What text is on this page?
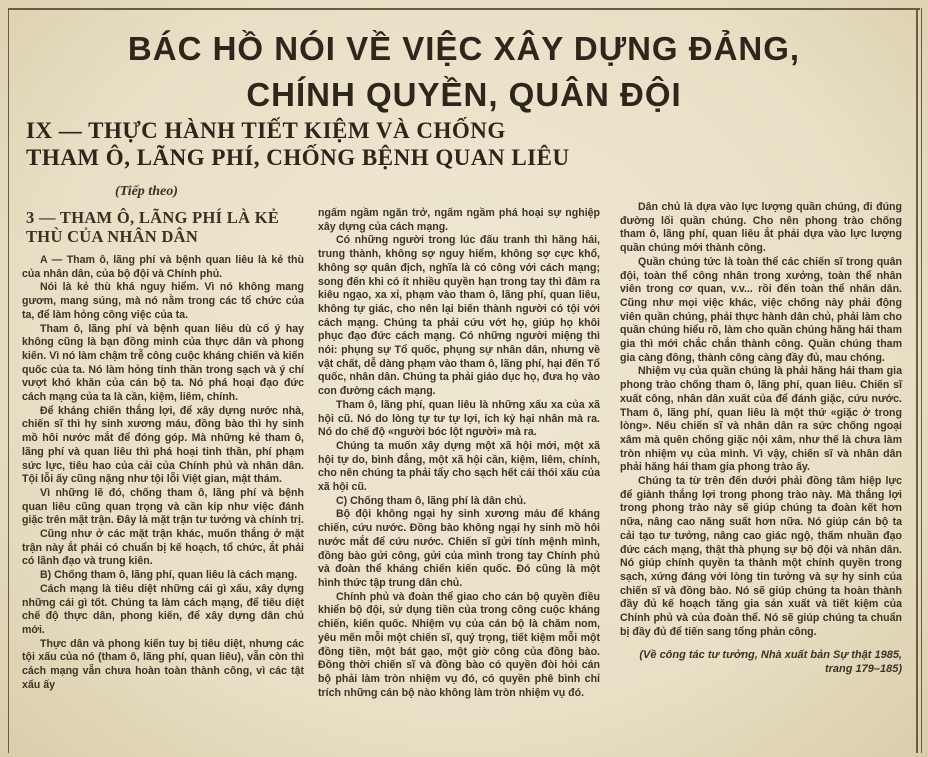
BÁC HỒ NÓI VỀ VIỆC XÂY DỰNG ĐẢNG,
CHÍNH QUYỀN, QUÂN ĐỘI
IX — THỰC HÀNH TIẾT KIỆM VÀ CHỐNG
THAM Ô, LÃNG PHÍ, CHỐNG BỆNH QUAN LIÊU
(Tiếp theo)
3 — THAM Ô, LÃNG PHÍ LÀ KẺ THÙ CỦA NHÂN DÂN

A — Tham ô, lãng phí và bệnh quan liêu là kẻ thù của nhân dân, của bộ đội và Chính phủ.

Nói là kẻ thù khá nguy hiểm. Vì nó không mang gươm, mang súng, mà nó nằm trong các tổ chức của ta, để làm hỏng công việc của ta.

Tham ô, lãng phí và bệnh quan liêu dù cố ý hay không cũng là bạn đồng minh của thực dân và phong kiến. Vì nó làm chậm trễ công cuộc kháng chiến và kiến quốc của ta. Nó làm hỏng tinh thần trong sạch và ý chí vượt khó khăn của cán bộ ta. Nó phá hoại đạo đức cách mạng của ta là cần, kiệm, liêm, chính.

Để kháng chiến thắng lợi, để xây dựng nước nhà, chiến sĩ thì hy sinh xương máu, đồng bào thì hy sinh mồ hôi nước mắt để đóng góp. Mà những kẻ tham ô, lãng phí và quan liêu thì phá hoại tinh thần, phí phạm sức lực, tiêu hao của cải của Chính phủ và nhân dân. Tội lỗi ấy cũng nặng như tội lỗi Việt gian, mật thám.

Vì những lẽ đó, chống tham ô, lãng phí và bệnh quan liêu cũng quan trọng và cần kíp như việc đánh giặc trên mặt trận. Đây là mặt trận tư tưởng và chính trị.

Cũng như ở các mặt trận khác, muốn thắng ở mặt trận này ắt phải có chuẩn bị kế hoạch, tổ chức, ắt phải có lãnh đạo và trung kiên.

B) Chống tham ô, lãng phí, quan liêu là cách mạng.

Cách mạng là tiêu diệt những cái gì xấu, xây dựng những cái gì tốt. Chúng ta làm cách mạng, để tiêu diệt chế độ thực dân, phong kiến, để xây dựng dân chủ mới.

Thực dân và phong kiến tuy bị tiêu diệt, nhưng các tội xấu của nó (tham ô, lãng phí, quan liêu), vẫn còn thì cách mạng vẫn chưa hoàn toàn thành công, vì các tật xấu ấy

ngấm ngầm ngăn trở, ngấm ngầm phá hoại sự nghiệp xây dựng của cách mạng.

Có những người trong lúc đấu tranh thì hăng hái, trung thành, không sợ nguy hiểm, không sợ cực khổ, không sợ quân địch, nghĩa là có công với cách mạng; song đến khi có ít nhiều quyền hạn trong tay thì đâm ra kiêu ngạo, xa xỉ, phạm vào tham ô, lãng phí, quan liêu, không tự giác, cho nên lại biến thành người có tội với cách mạng. Chúng ta phải cứu vớt họ, giúp họ khôi phục đạo đức cách mạng. Có những người miệng thì nói: phụng sự Tổ quốc, phụng sự nhân dân, nhưng về vật chất, dễ dàng phạm vào tham ô, lãng phí, hại đến Tổ quốc, nhân dân. Chúng ta phải giáo dục họ, đưa họ vào con đường cách mạng.

Tham ô, lãng phí, quan liêu là những xấu xa của xã hội cũ. Nó do lòng tự tư tự lợi, ích kỷ hại nhân mà ra. Nó do chế độ «người bóc lột người» mà ra.

Chúng ta muốn xây dựng một xã hội mới, một xã hội tự do, bình đẳng, một xã hội cần, kiệm, liêm, chính, cho nên chúng ta phải tẩy cho sạch hết cái thói xấu của xã hội cũ.

C) Chống tham ô, lãng phí là dân chủ.

Bộ đội không ngại hy sinh xương máu để kháng chiến, cứu nước. Đồng bào không ngại hy sinh mồ hôi nước mắt để cứu nước. Chiến sĩ gửi tính mệnh mình, đồng bào gửi công, gửi của mình trong tay Chính phủ và đoàn thể kháng chiến kiến quốc. Đó cũng là một hình thức tập trung dân chủ.

Chính phủ và đoàn thể giao cho cán bộ quyền điều khiển bộ đội, sử dụng tiền của trong công cuộc kháng chiến, kiến quốc. Nhiệm vụ của cán bộ là chăm nom, yêu mến mỗi một chiến sĩ, quý trọng, tiết kiệm mỗi một đồng tiền, một bát gạo, một giờ công của đồng bào. Đồng thời chiến sĩ và đồng bào có quyền đòi hỏi cán bộ phải làm tròn nhiệm vụ đó, có quyền phê bình chỉ trích những cán bộ nào không làm tròn nhiệm vụ đó.

Dân chủ là dựa vào lực lượng quần chúng, đi đúng đường lối quần chúng. Cho nên phong trào chống tham ô, lãng phí, quan liêu ắt phải dựa vào lực lượng quần chúng mới thành công.

Quần chúng tức là toàn thể các chiến sĩ trong quân đội, toàn thể công nhân trong xưởng, toàn thể nhân viên trong cơ quan, v.v... rồi đến toàn thể nhân dân. Cũng như mọi việc khác, việc chống này phải động viên quần chúng, phải thực hành dân chủ, phải làm cho quần chúng hiểu rõ, làm cho quần chúng hăng hái tham gia thì mới chắc chắn thành công. Quần chúng tham gia càng đông, thành công càng đầy đủ, mau chóng.

Nhiệm vụ của quần chúng là phải hăng hái tham gia phong trào chống tham ô, lãng phí, quan liêu. Chiến sĩ xuất công, nhân dân xuất của để đánh giặc, cứu nước. Tham ô, lãng phí, quan liêu là một thứ «giặc ở trong lòng». Nếu chiến sĩ và nhân dân ra sức chống ngoại xâm mà quên chống giặc nội xâm, như thế là chưa làm tròn nhiệm vụ của mình. Vì vậy, chiến sĩ và nhân dân phải hăng hái tham gia phong trào ấy.

Chúng ta từ trên đến dưới phải đồng tâm hiệp lực để giành thắng lợi trong phong trào này. Mà thắng lợi trong phong trào này sẽ giúp chúng ta đoàn kết hơn nữa, nâng cao năng suất hơn nữa. Nó giúp cán bộ ta cải tạo tư tưởng, nâng cao giác ngộ, thấm nhuần đạo đức cách mạng, thật thà phụng sự bộ đội và nhân dân. Nó giúp chính quyền ta thành một chính quyền trong sạch, xứng đáng với lòng tin tưởng và sự hy sinh của chiến sĩ và đồng bào. Nó sẽ giúp chúng ta hoàn thành đầy đủ kế hoạch tăng gia sản xuất và tiết kiệm của Chính phủ và của đoàn thể. Nó sẽ giúp chúng ta chuẩn bị đầy đủ để tiến sang tổng phản công.

(Về công tác tư tưởng, Nhà xuất bản Sự thật 1985, trang 179–185)
